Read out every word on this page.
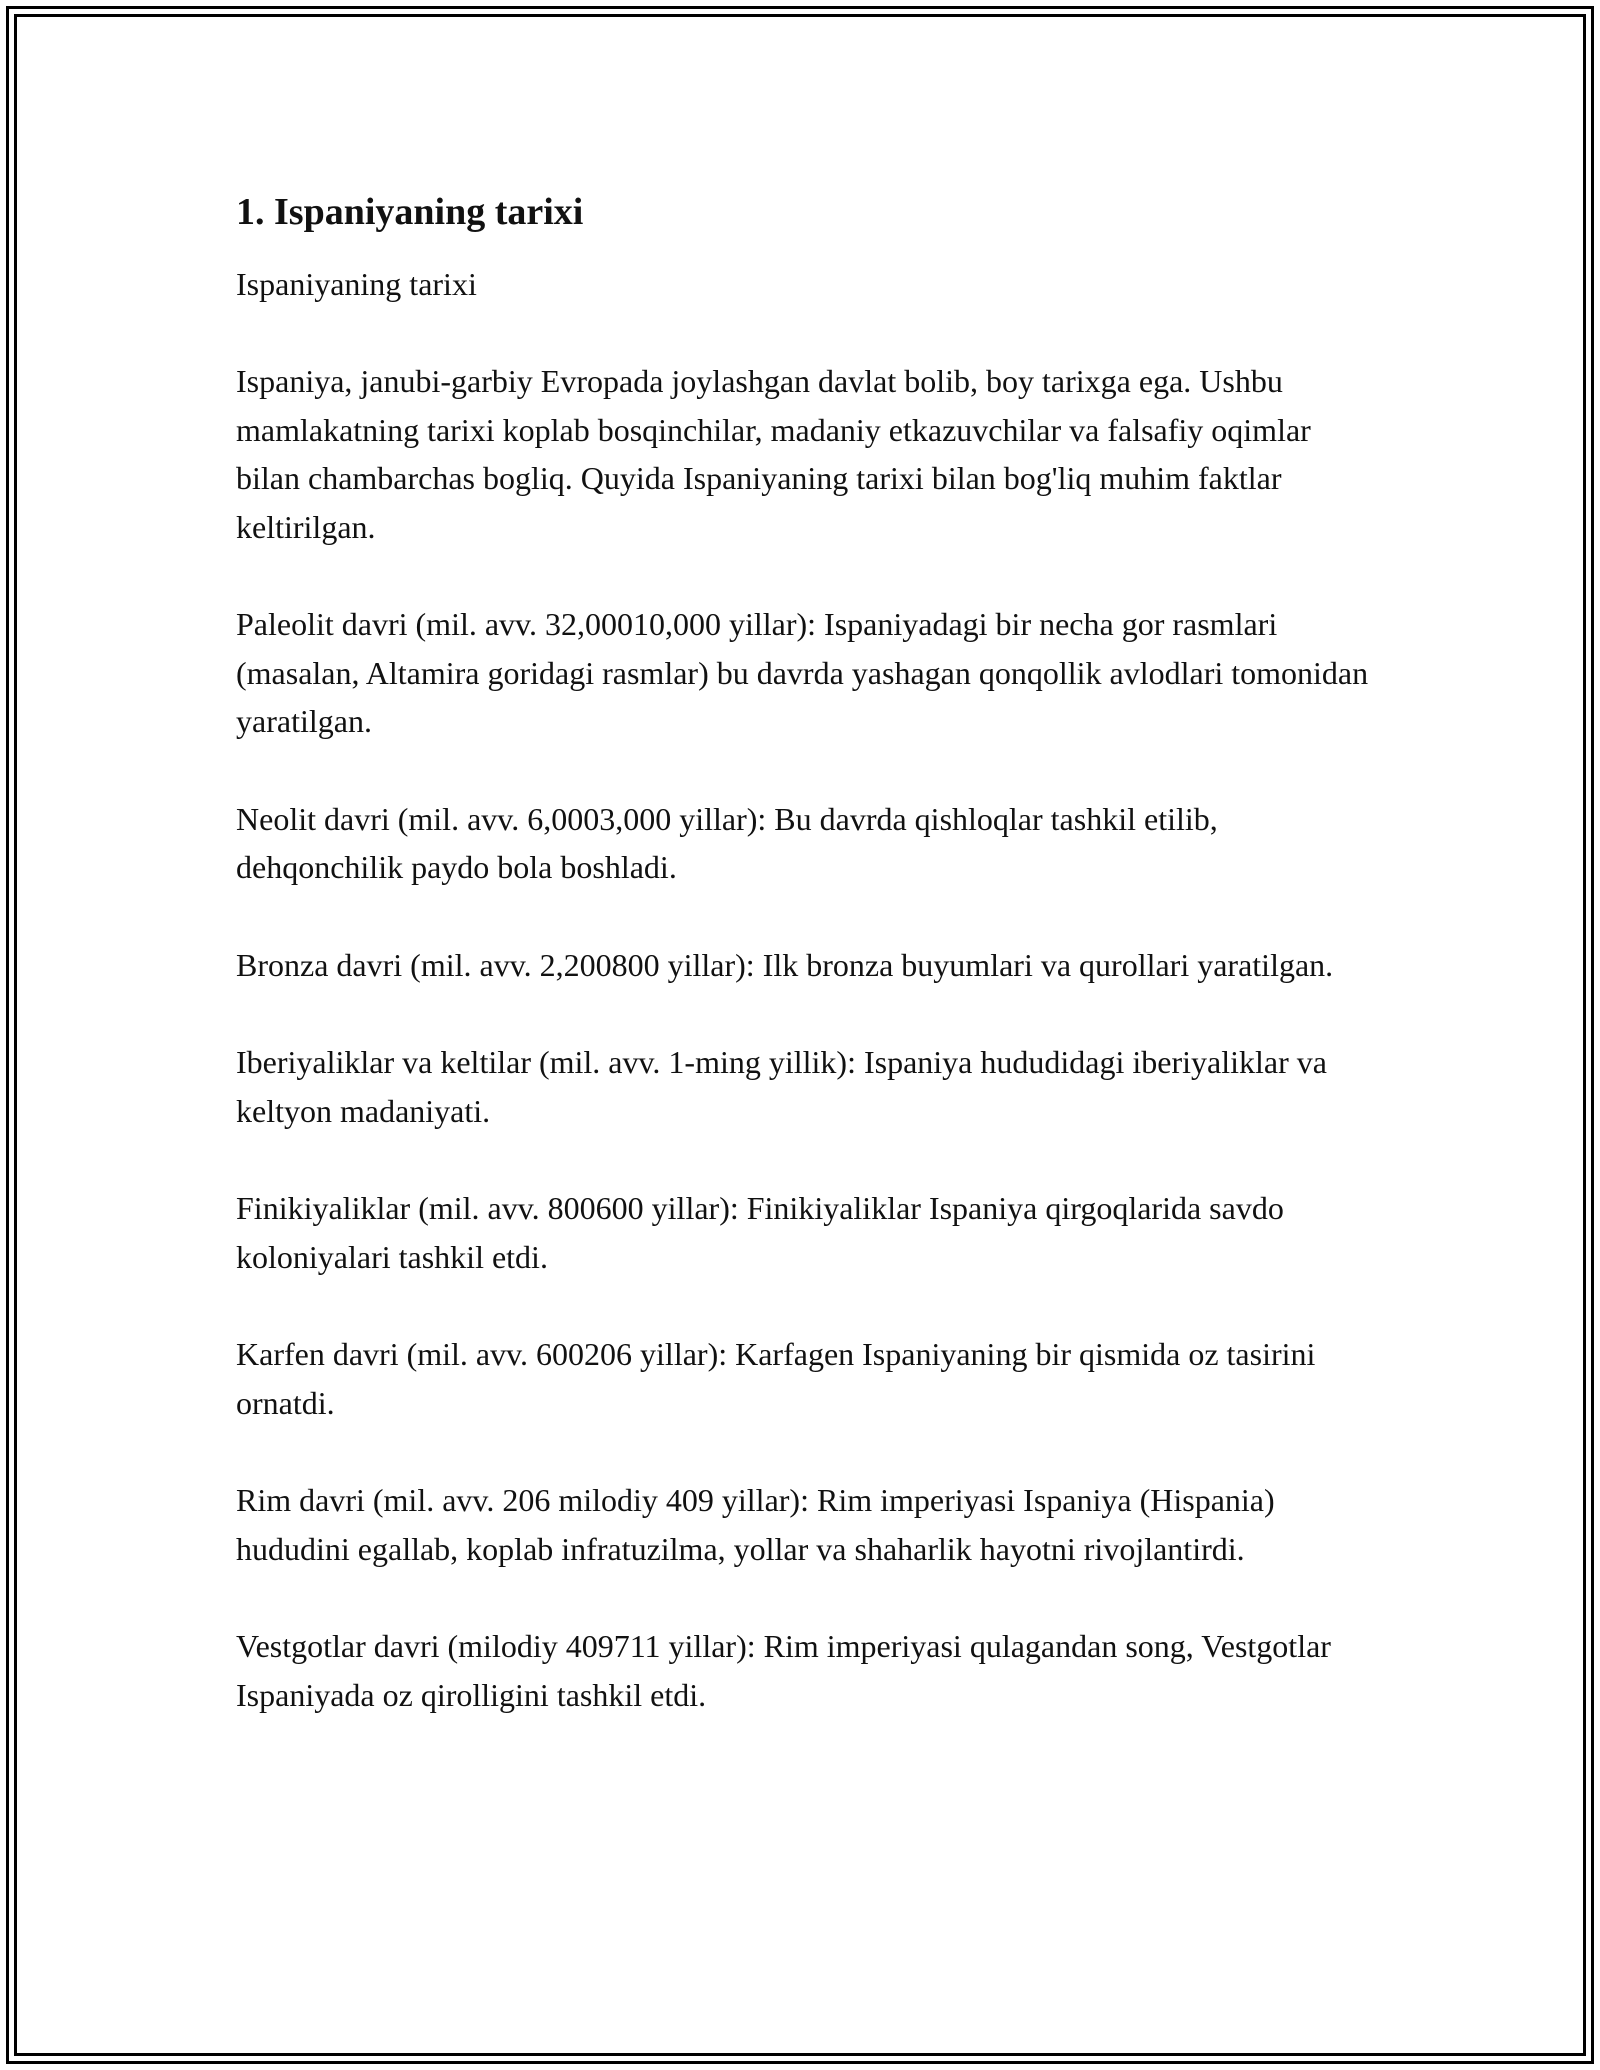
1. Ispaniyaning tarixi

Ispaniyaning tarixi

Ispaniya, janubi-garbiy Evropada joylashgan davlat bolib, boy tarixga ega. Ushbu mamlakatning tarixi koplab bosqinchilar, madaniy etkazuvchilar va falsafiy oqimlar bilan chambarchas bogliq. Quyida Ispaniyaning tarixi bilan bog'liq muhim faktlar keltirilgan.

Paleolit davri (mil. avv. 32,00010,000 yillar): Ispaniyadagi bir necha gor rasmlari (masalan, Altamira goridagi rasmlar) bu davrda yashagan qonqollik avlodlari tomonidan yaratilgan.

Neolit davri (mil. avv. 6,0003,000 yillar): Bu davrda qishloqlar tashkil etilib, dehqonchilik paydo bola boshladi.

Bronza davri (mil. avv. 2,200800 yillar): Ilk bronza buyumlari va qurollari yaratilgan.

Iberiyaliklar va keltilar (mil. avv. 1-ming yillik): Ispaniya hududidagi iberiyaliklar va keltyon madaniyati.

Finikiyaliklar (mil. avv. 800600 yillar): Finikiyaliklar Ispaniya qirgoqlarida savdo koloniyalari tashkil etdi.

Karfen davri (mil. avv. 600206 yillar): Karfagen Ispaniyaning bir qismida oz tasirini ornatdi.

Rim davri (mil. avv. 206 milodiy 409 yillar): Rim imperiyasi Ispaniya (Hispania) hududini egallab, koplab infratuzilma, yollar va shaharlik hayotni rivojlantirdi.

Vestgotlar davri (milodiy 409711 yillar): Rim imperiyasi qulagandan song, Vestgotlar Ispaniyada oz qirolligini tashkil etdi.
